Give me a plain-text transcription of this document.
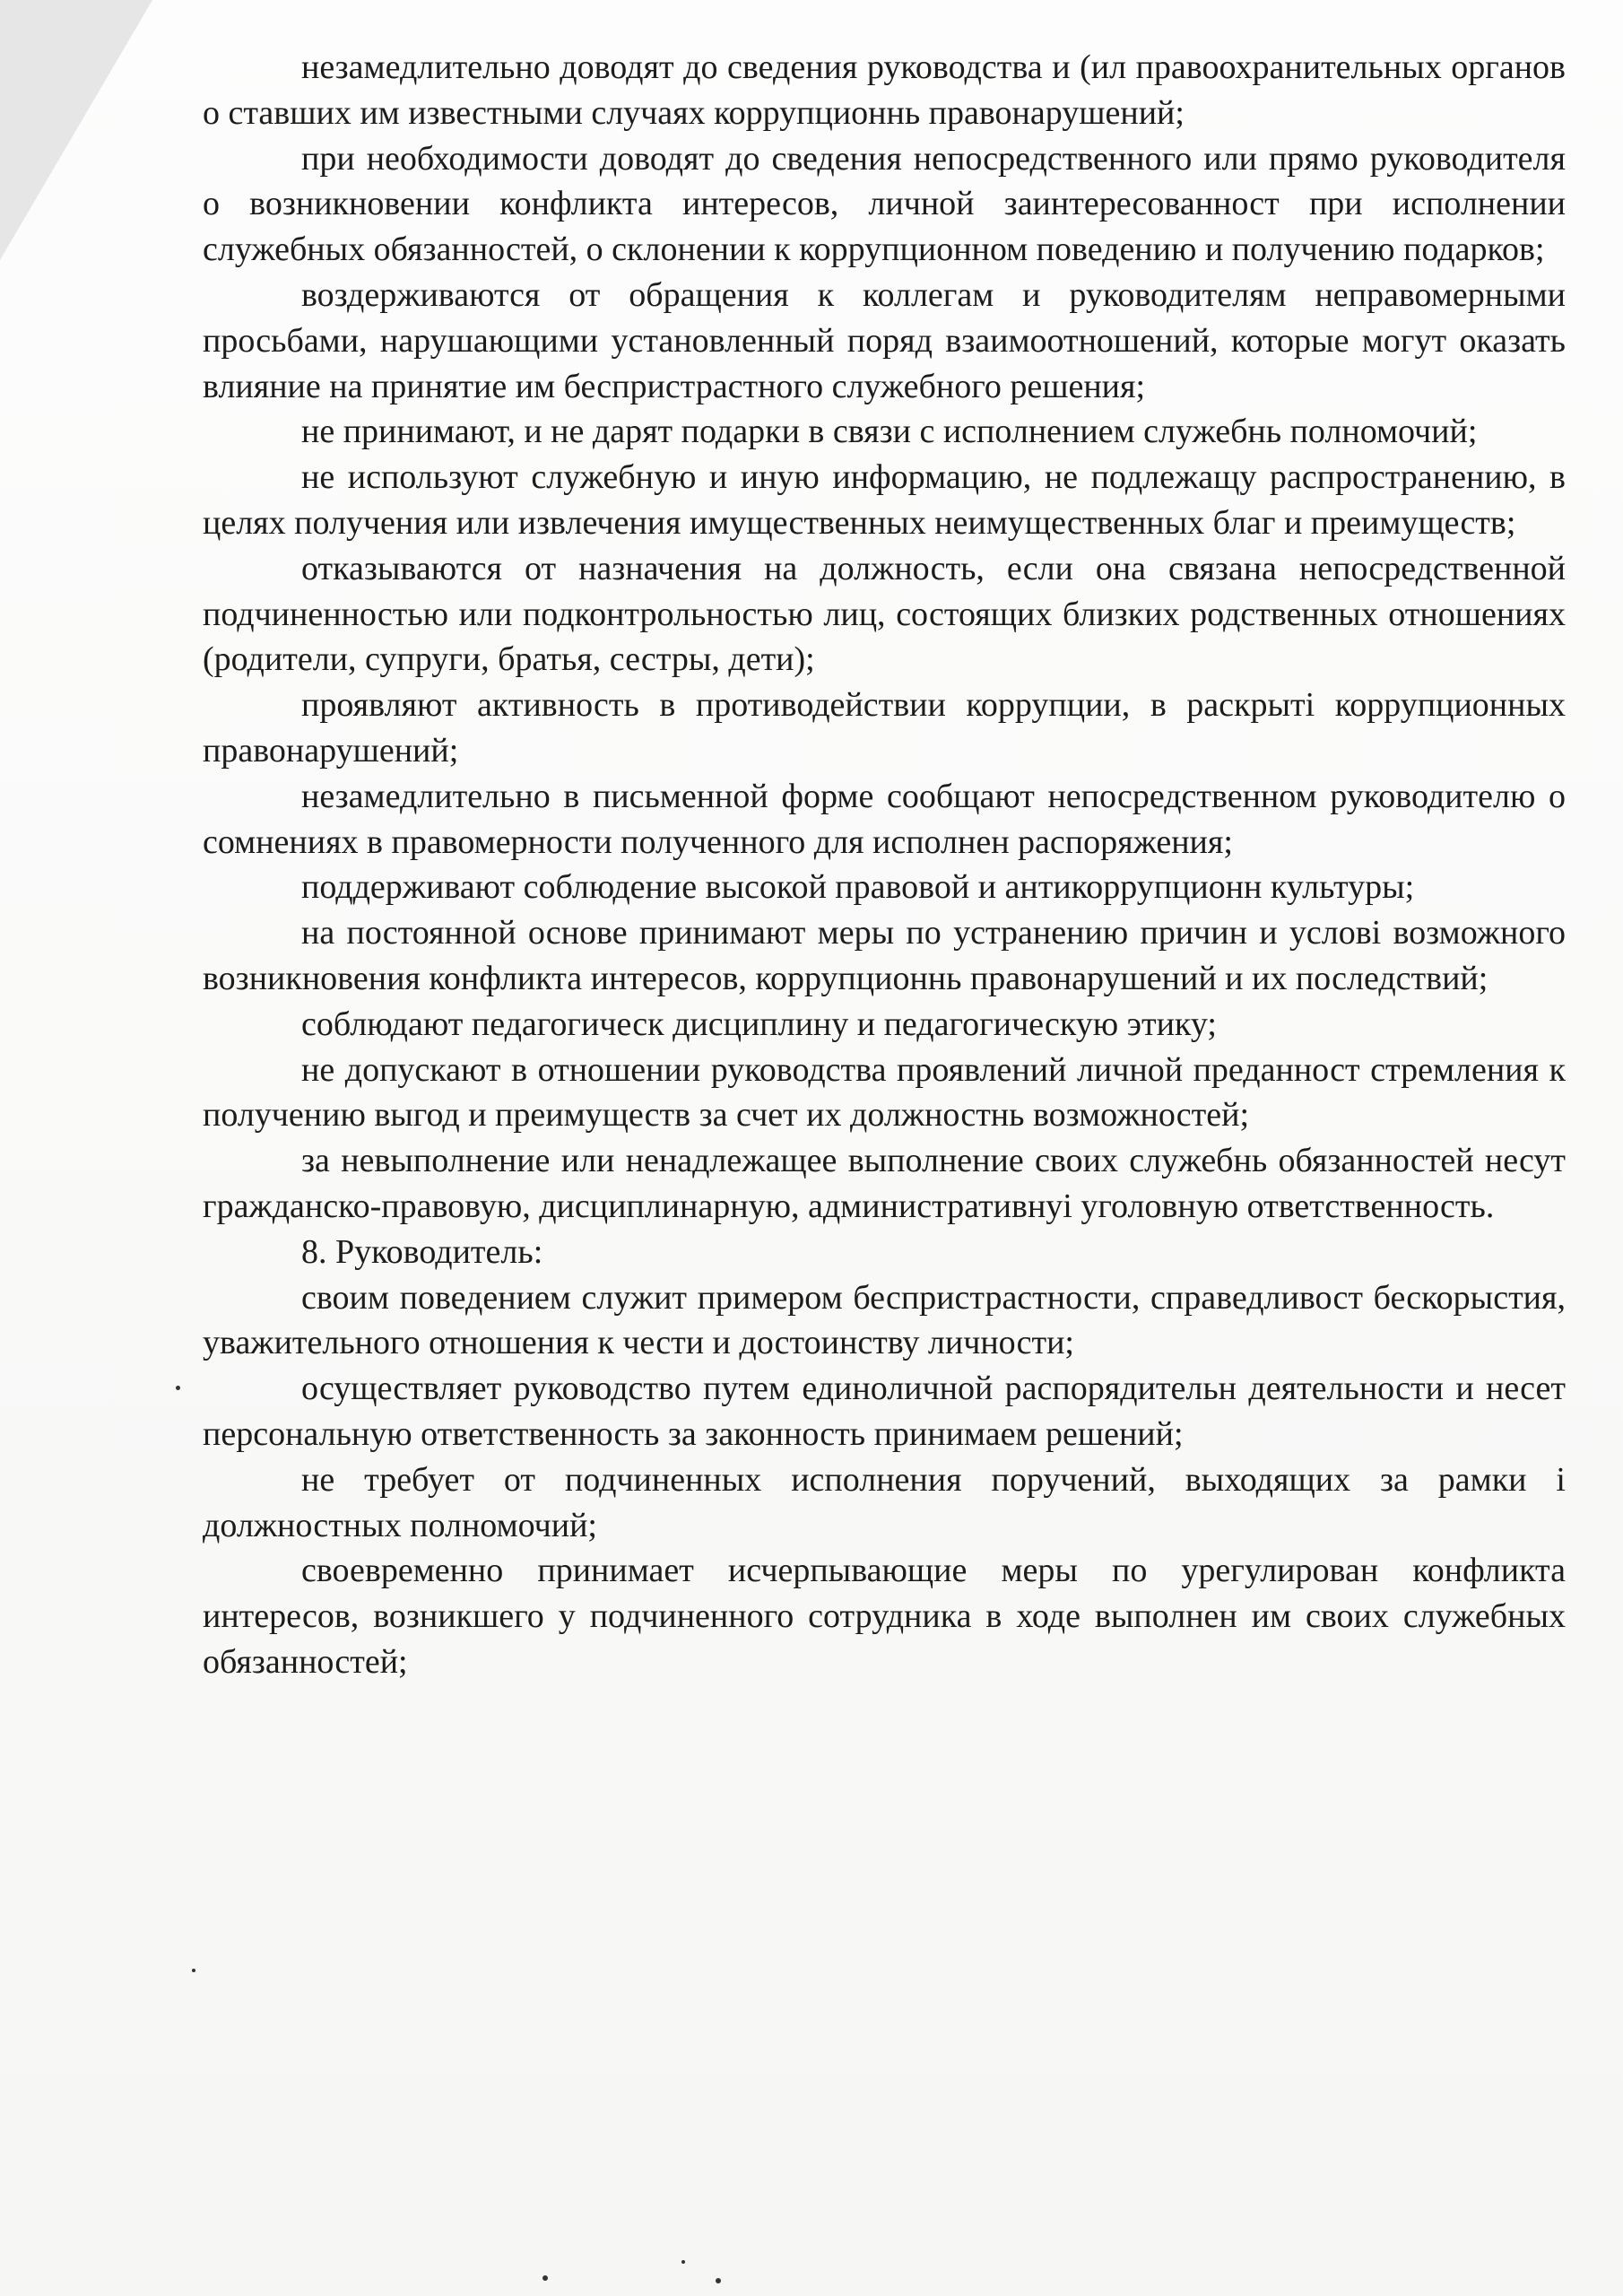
незамедлительно доводят до сведения руководства и (ил правоохранительных органов о ставших им известными случаях коррупционнь правонарушений;

при необходимости доводят до сведения непосредственного или прямо руководителя о возникновении конфликта интересов, личной заинтересованност при исполнении служебных обязанностей, о склонении к коррупционном поведению и получению подарков;

воздерживаются от обращения к коллегам и руководителям неправомерными просьбами, нарушающими установленный поряд взаимоотношений, которые могут оказать влияние на принятие им беспристрастного служебного решения;

не принимают, и не дарят подарки в связи с исполнением служебнь полномочий;

не используют служебную и иную информацию, не подлежащу распространению, в целях получения или извлечения имущественных неимущественных благ и преимуществ;

отказываются от назначения на должность, если она связана непосредственной подчиненностью или подконтрольностью лиц, состоящих близких родственных отношениях (родители, супруги, братья, сестры, дети);

проявляют активность в противодействии коррупции, в раскрыті коррупционных правонарушений;

незамедлительно в письменной форме сообщают непосредственном руководителю о сомнениях в правомерности полученного для исполнен распоряжения;

поддерживают соблюдение высокой правовой и антикоррупционн культуры;

на постоянной основе принимают меры по устранению причин и услові возможного возникновения конфликта интересов, коррупционнь правонарушений и их последствий;

соблюдают педагогическ дисциплину и педагогическую этику;

не допускают в отношении руководства проявлений личной преданност стремления к получению выгод и преимуществ за счет их должностнь возможностей;

за невыполнение или ненадлежащее выполнение своих служебнь обязанностей несут гражданско-правовую, дисциплинарную, административнуі уголовную ответственность.

8. Руководитель:

своим поведением служит примером беспристрастности, справедливост бескорыстия, уважительного отношения к чести и достоинству личности;

осуществляет руководство путем единоличной распорядительн деятельности и несет персональную ответственность за законность принимаем решений;

не требует от подчиненных исполнения поручений, выходящих за рамки і должностных полномочий;

своевременно принимает исчерпывающие меры по урегулирован конфликта интересов, возникшего у подчиненного сотрудника в ходе выполнен им своих служебных обязанностей;
